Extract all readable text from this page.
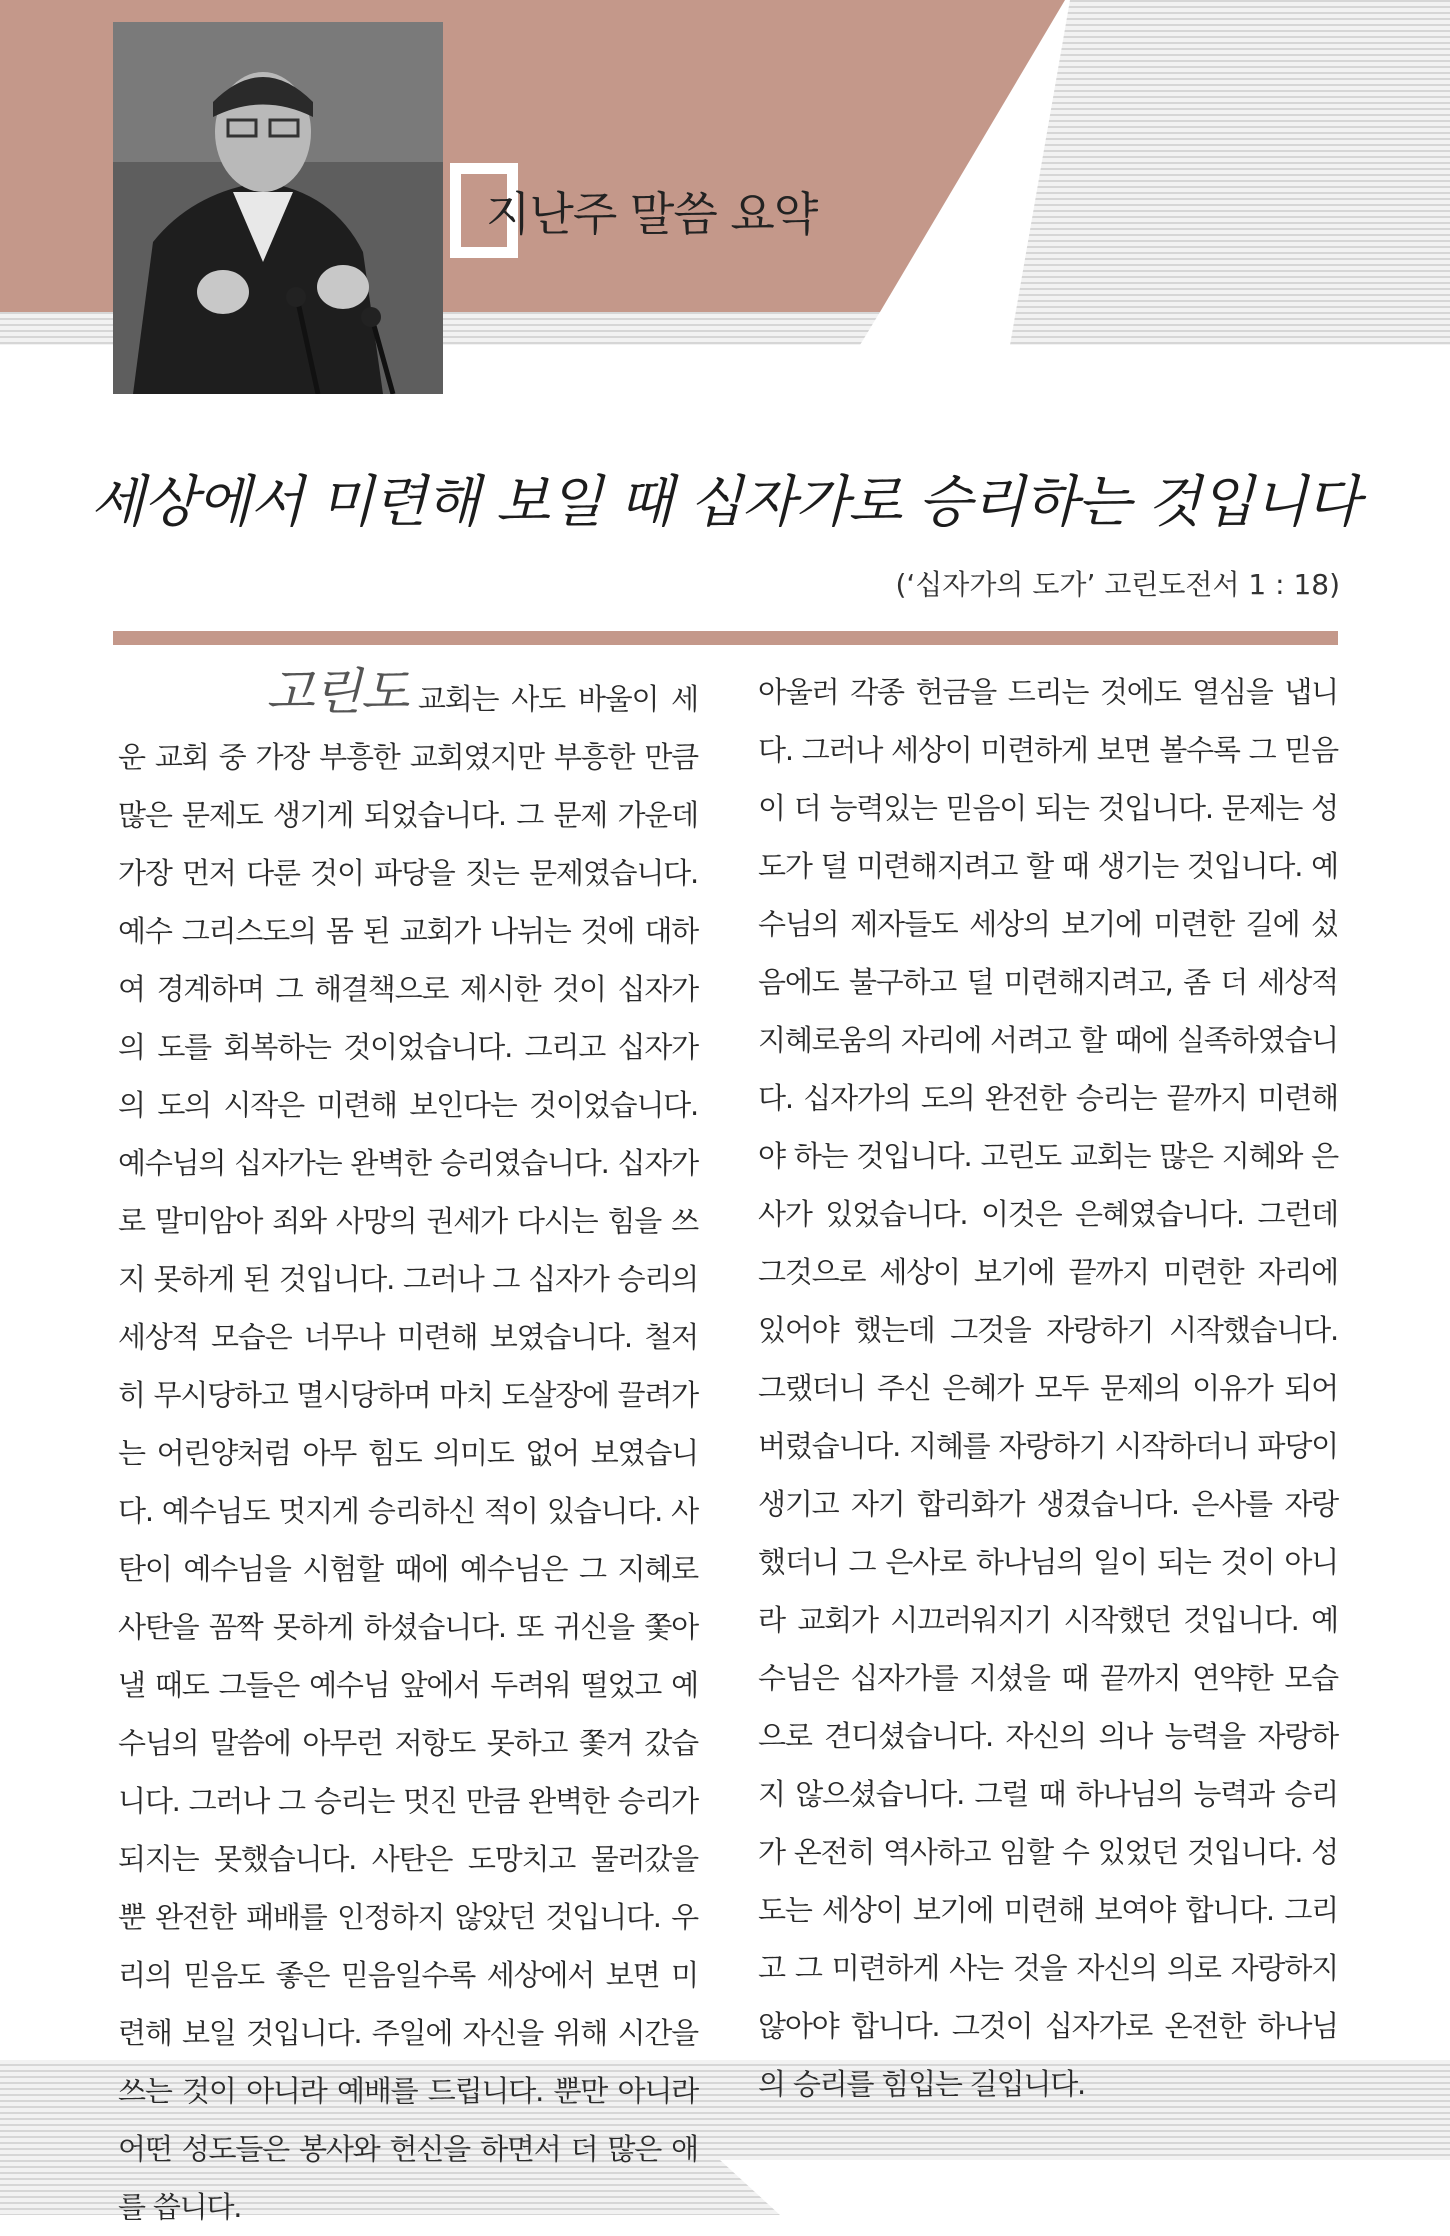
지난주 말씀 요약
세상에서 미련해 보일 때 십자가로 승리하는 것입니다
(‘십자가의 도가’ 고린도전서 1 : 18)
고린도 교회는 사도 바울이 세운 교회 중 가장 부흥한 교회였지만 부흥한 만큼 많은 문제도 생기게 되었습니다. 그 문제 가운데 가장 먼저 다룬 것이 파당을 짓는 문제였습니다. 예수 그리스도의 몸 된 교회가 나뉘는 것에 대하여 경계하며 그 해결책으로 제시한 것이 십자가의 도를 회복하는 것이었습니다. 그리고 십자가의 도의 시작은 미련해 보인다는 것이었습니다. 예수님의 십자가는 완벽한 승리였습니다. 십자가로 말미암아 죄와 사망의 권세가 다시는 힘을 쓰지 못하게 된 것입니다. 그러나 그 십자가 승리의 세상적 모습은 너무나 미련해 보였습니다. 철저히 무시당하고 멸시당하며 마치 도살장에 끌려가는 어린양처럼 아무 힘도 의미도 없어 보였습니다. 예수님도 멋지게 승리하신 적이 있습니다. 사탄이 예수님을 시험할 때에 예수님은 그 지혜로 사탄을 꼼짝 못하게 하셨습니다. 또 귀신을 쫓아낼 때도 그들은 예수님 앞에서 두려워 떨었고 예수님의 말씀에 아무런 저항도 못하고 쫓겨 갔습니다. 그러나 그 승리는 멋진 만큼 완벽한 승리가 되지는 못했습니다. 사탄은 도망치고 물러갔을 뿐 완전한 패배를 인정하지 않았던 것입니다. 우리의 믿음도 좋은 믿음일수록 세상에서 보면 미련해 보일 것입니다. 주일에 자신을 위해 시간을 쓰는 것이 아니라 예배를 드립니다. 뿐만 아니라 어떤 성도들은 봉사와 헌신을 하면서 더 많은 애를 씁니다.
아울러 각종 헌금을 드리는 것에도 열심을 냅니다. 그러나 세상이 미련하게 보면 볼수록 그 믿음이 더 능력있는 믿음이 되는 것입니다. 문제는 성도가 덜 미련해지려고 할 때 생기는 것입니다. 예수님의 제자들도 세상의 보기에 미련한 길에 섰음에도 불구하고 덜 미련해지려고, 좀 더 세상적 지혜로움의 자리에 서려고 할 때에 실족하였습니다. 십자가의 도의 완전한 승리는 끝까지 미련해야 하는 것입니다. 고린도 교회는 많은 지혜와 은사가 있었습니다. 이것은 은혜였습니다. 그런데 그것으로 세상이 보기에 끝까지 미련한 자리에 있어야 했는데 그것을 자랑하기 시작했습니다. 그랬더니 주신 은혜가 모두 문제의 이유가 되어버렸습니다. 지혜를 자랑하기 시작하더니 파당이 생기고 자기 합리화가 생겼습니다. 은사를 자랑했더니 그 은사로 하나님의 일이 되는 것이 아니라 교회가 시끄러워지기 시작했던 것입니다. 예수님은 십자가를 지셨을 때 끝까지 연약한 모습으로 견디셨습니다. 자신의 의나 능력을 자랑하지 않으셨습니다. 그럴 때 하나님의 능력과 승리가 온전히 역사하고 임할 수 있었던 것입니다. 성도는 세상이 보기에 미련해 보여야 합니다. 그리고 그 미련하게 사는 것을 자신의 의로 자랑하지 않아야 합니다. 그것이 십자가로 온전한 하나님의 승리를 힘입는 길입니다.
